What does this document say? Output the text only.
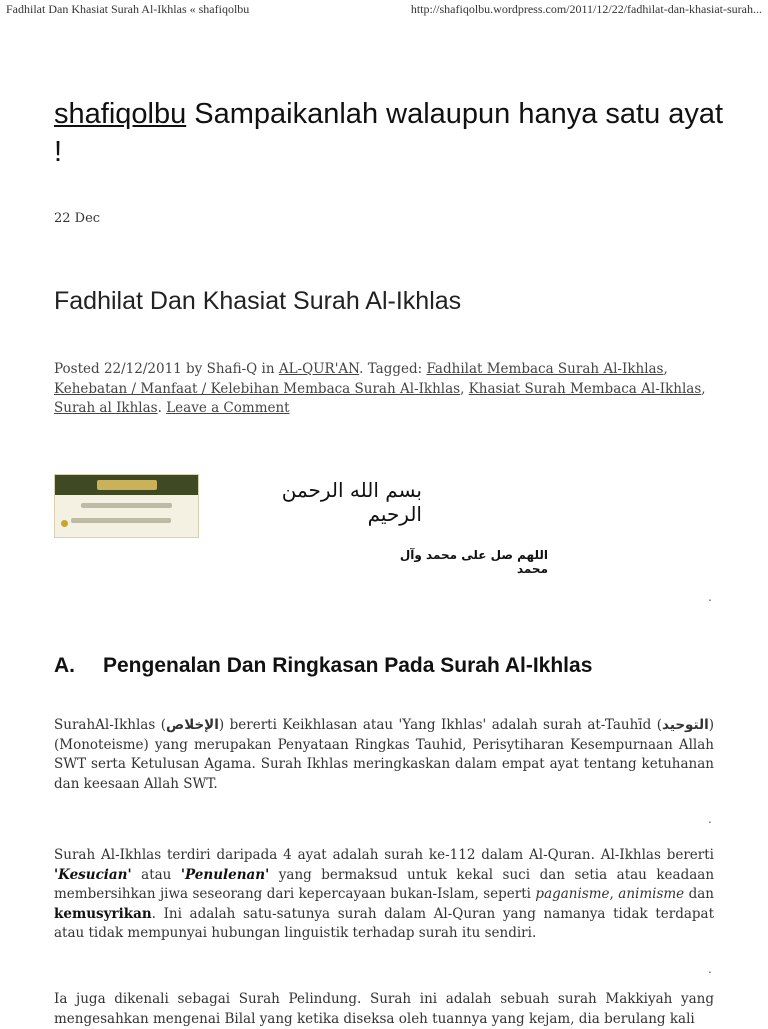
Fadhilat Dan Khasiat Surah Al-Ikhlas « shafiqolbu	http://shafiqolbu.wordpress.com/2011/12/22/fadhilat-dan-khasiat-surah...
shafiqolbu Sampaikanlah walaupun hanya satu ayat !
22 Dec
Fadhilat Dan Khasiat Surah Al-Ikhlas
Posted 22/12/2011 by Shafi-Q in AL-QUR'AN. Tagged: Fadhilat Membaca Surah Al-Ikhlas, Kehebatan / Manfaat / Kelebihan Membaca Surah Al-Ikhlas, Khasiat Surah Membaca Al-Ikhlas, Surah al Ikhlas. Leave a Comment
بسم الله الرحمن الرحيم
اللهم صل على محمد وآل محمد
.
A. Pengenalan Dan Ringkasan Pada Surah Al-Ikhlas
SurahAl-Ikhlas (الإخلاص) bererti Keikhlasan atau 'Yang Ikhlas' adalah surah at-Tauhīd (التوحيد) (Monoteisme) yang merupakan Penyataan Ringkas Tauhid, Perisytiharan Kesempurnaan Allah SWT serta Ketulusan Agama. Surah Ikhlas meringkaskan dalam empat ayat tentang ketuhanan dan keesaan Allah SWT.
.
Surah Al-Ikhlas terdiri daripada 4 ayat adalah surah ke-112 dalam Al-Quran. Al-Ikhlas bererti 'Kesucian' atau 'Penulenan' yang bermaksud untuk kekal suci dan setia atau keadaan membersihkan jiwa seseorang dari kepercayaan bukan-Islam, seperti paganisme, animisme dan kemusyrikan. Ini adalah satu-satunya surah dalam Al-Quran yang namanya tidak terdapat atau tidak mempunyai hubungan linguistik terhadap surah itu sendiri.
.
Ia juga dikenali sebagai Surah Pelindung. Surah ini adalah sebuah surah Makkiyah yang mengesahkan mengenai Bilal yang ketika diseksa oleh tuannya yang kejam, dia berulang kali
